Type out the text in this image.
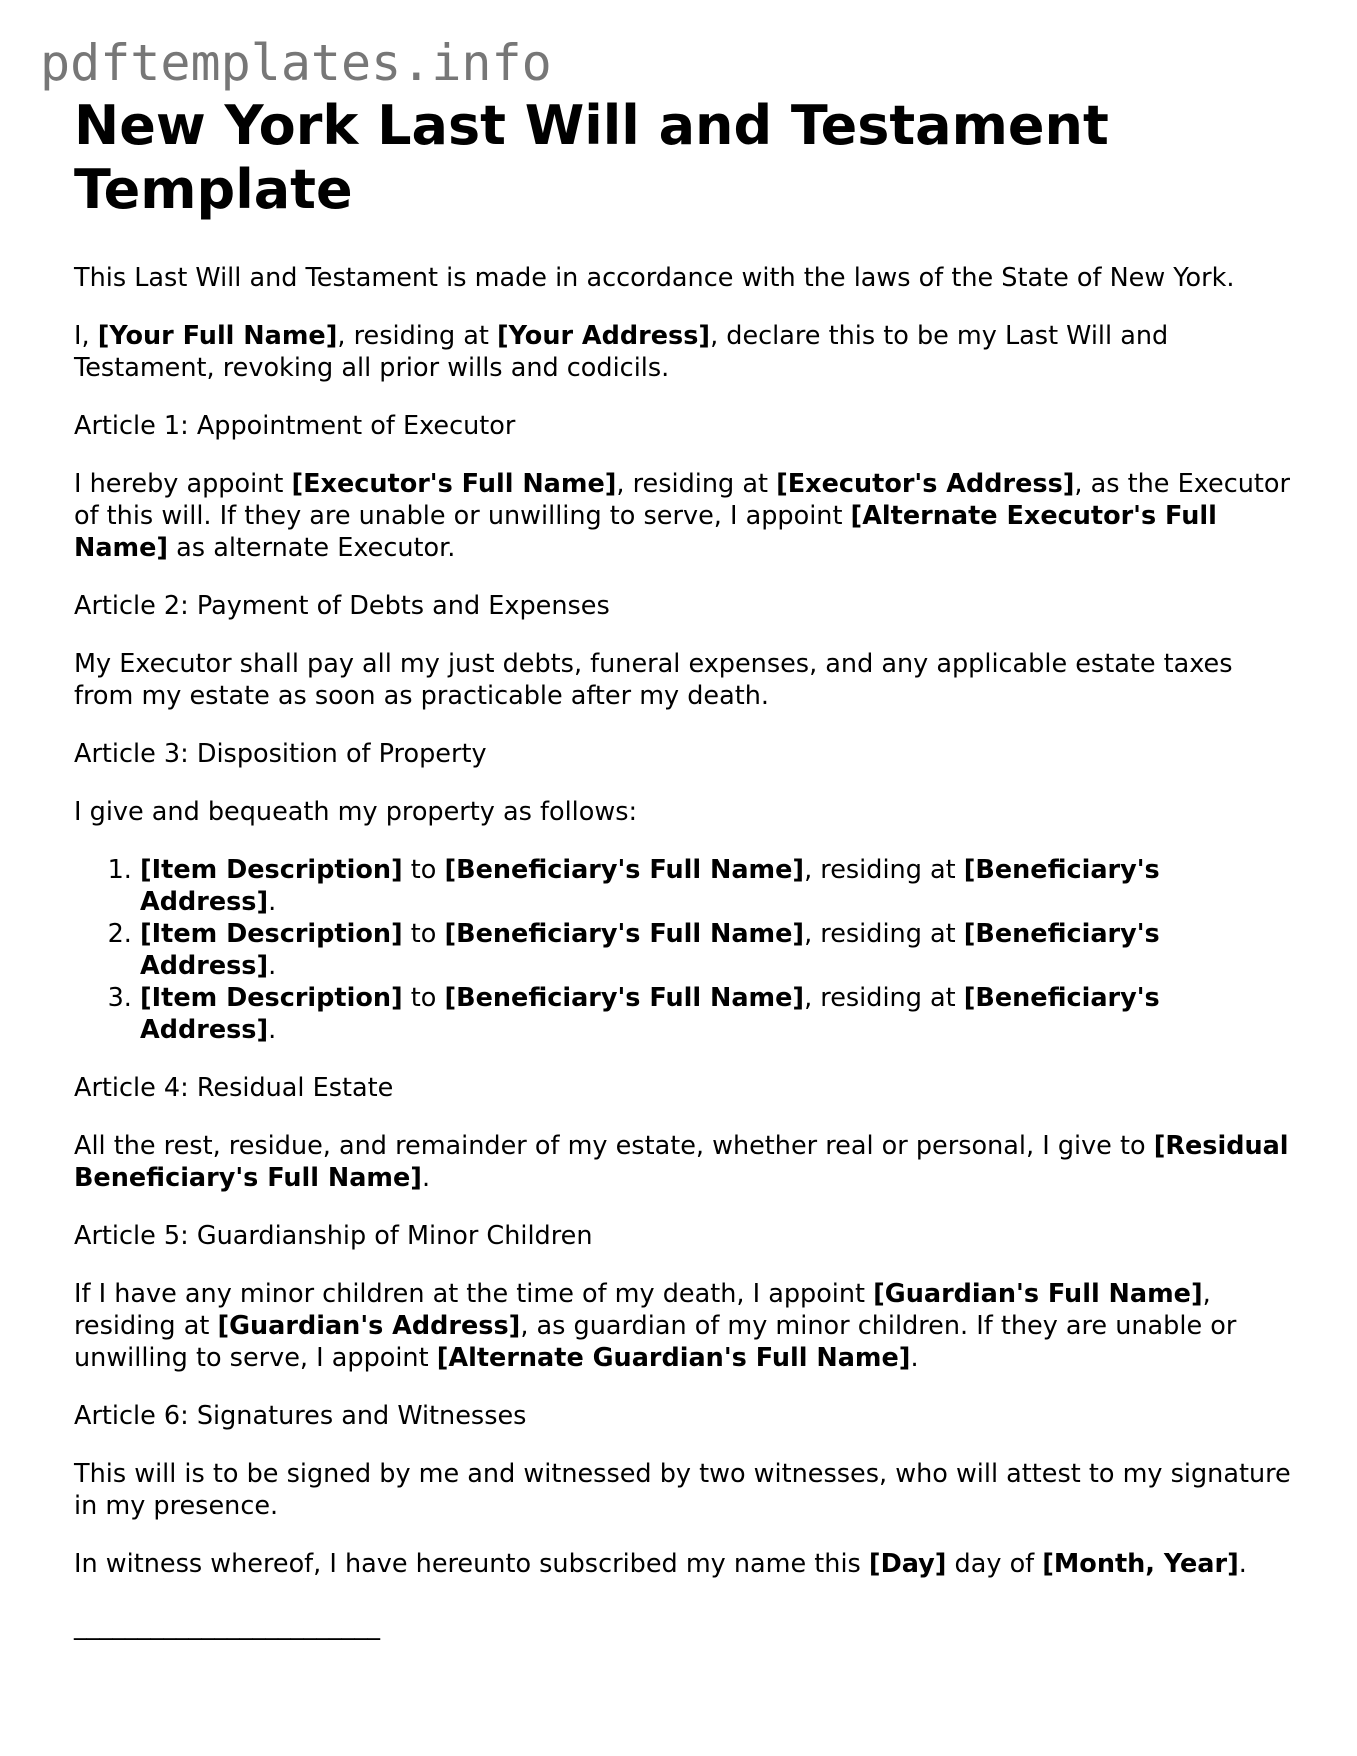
pdftemplates.info
New York Last Will and Testament Template

This Last Will and Testament is made in accordance with the laws of the State of New York.

I, [Your Full Name], residing at [Your Address], declare this to be my Last Will and Testament, revoking all prior wills and codicils.

Article 1: Appointment of Executor

I hereby appoint [Executor's Full Name], residing at [Executor's Address], as the Executor of this will. If they are unable or unwilling to serve, I appoint [Alternate Executor's Full Name] as alternate Executor.

Article 2: Payment of Debts and Expenses

My Executor shall pay all my just debts, funeral expenses, and any applicable estate taxes from my estate as soon as practicable after my death.

Article 3: Disposition of Property

I give and bequeath my property as follows:

1. [Item Description] to [Beneficiary's Full Name], residing at [Beneficiary's Address].
2. [Item Description] to [Beneficiary's Full Name], residing at [Beneficiary's Address].
3. [Item Description] to [Beneficiary's Full Name], residing at [Beneficiary's Address].

Article 4: Residual Estate

All the rest, residue, and remainder of my estate, whether real or personal, I give to [Residual Beneficiary's Full Name].

Article 5: Guardianship of Minor Children

If I have any minor children at the time of my death, I appoint [Guardian's Full Name], residing at [Guardian's Address], as guardian of my minor children. If they are unable or unwilling to serve, I appoint [Alternate Guardian's Full Name].

Article 6: Signatures and Witnesses

This will is to be signed by me and witnessed by two witnesses, who will attest to my signature in my presence.

In witness whereof, I have hereunto subscribed my name this [Day] day of [Month, Year].

________________________
